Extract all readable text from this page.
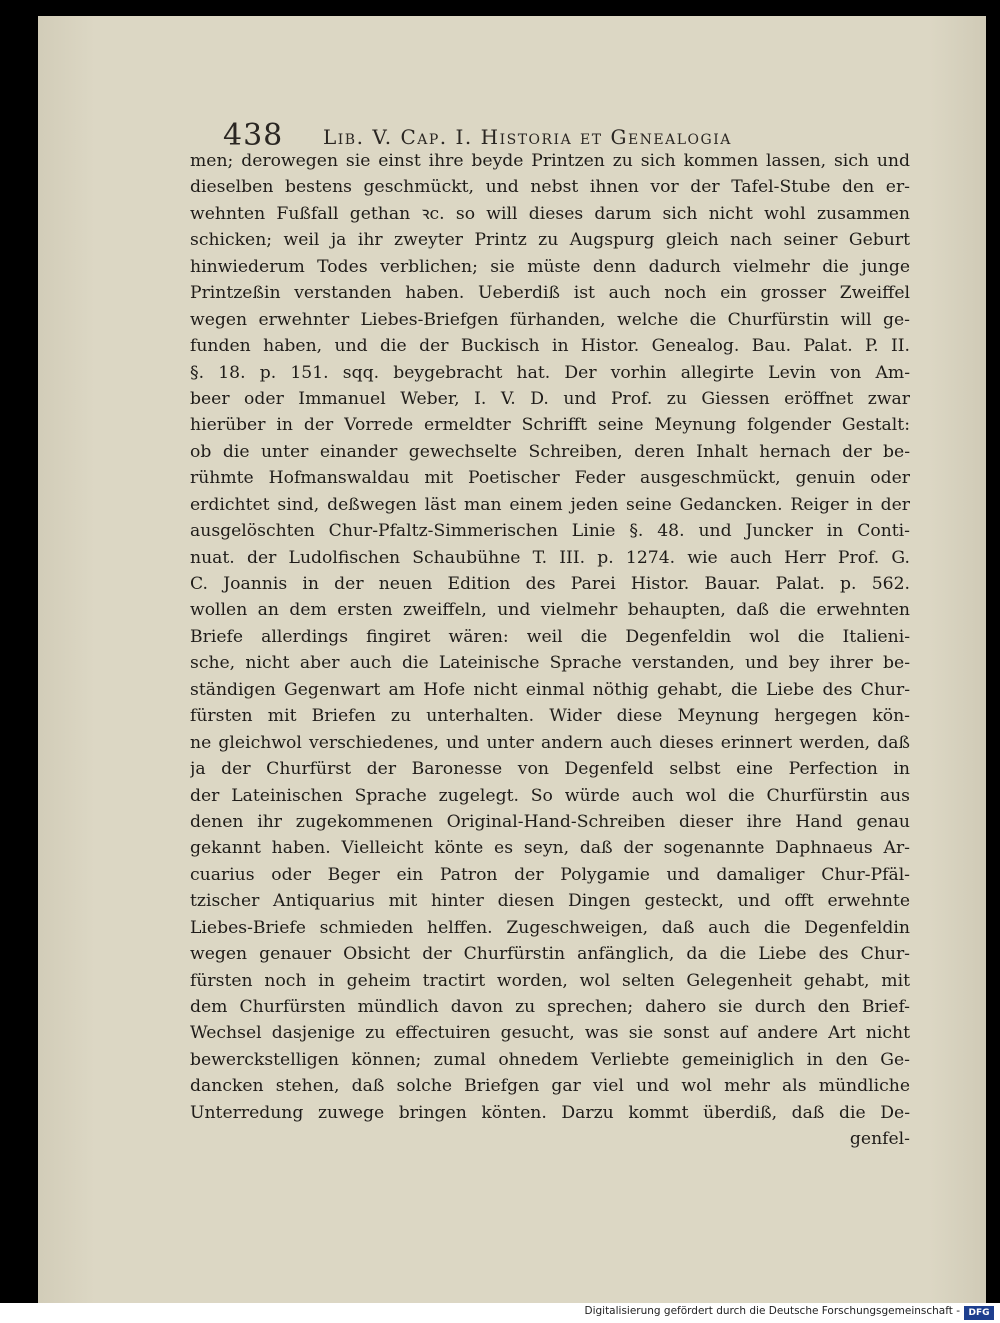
438 Lib. V. Cap. I. Historia et Genealogia
men; derowegen sie einst ihre beyde Printzen zu sich kommen lassen, sich und
dieselben bestens geschmückt, und nebst ihnen vor der Tafel-Stube den er-
wehnten Fußfall gethan ꝛc. so will dieses darum sich nicht wohl zusammen
schicken; weil ja ihr zweyter Printz zu Augspurg gleich nach seiner Geburt
hinwiederum Todes verblichen; sie müste denn dadurch vielmehr die junge
Printzeßin verstanden haben. Ueberdiß ist auch noch ein grosser Zweiffel
wegen erwehnter Liebes-Briefgen fürhanden, welche die Churfürstin will ge-
funden haben, und die der Buckisch in Histor. Genealog. Bau. Palat. P. II.
§. 18. p. 151. sqq. beygebracht hat. Der vorhin allegirte Levin von Am-
beer oder Immanuel Weber, I. V. D. und Prof. zu Giessen eröffnet zwar
hierüber in der Vorrede ermeldter Schrifft seine Meynung folgender Gestalt:
ob die unter einander gewechselte Schreiben, deren Inhalt hernach der be-
rühmte Hofmanswaldau mit Poetischer Feder ausgeschmückt, genuin oder
erdichtet sind, deßwegen läst man einem jeden seine Gedancken. Reiger in der
ausgelöschten Chur-Pfaltz-Simmerischen Linie §. 48. und Juncker in Conti-
nuat. der Ludolfischen Schaubühne T. III. p. 1274. wie auch Herr Prof. G.
C. Joannis in der neuen Edition des Parei Histor. Bauar. Palat. p. 562.
wollen an dem ersten zweiffeln, und vielmehr behaupten, daß die erwehnten
Briefe allerdings fingiret wären: weil die Degenfeldin wol die Italieni-
sche, nicht aber auch die Lateinische Sprache verstanden, und bey ihrer be-
ständigen Gegenwart am Hofe nicht einmal nöthig gehabt, die Liebe des Chur-
fürsten mit Briefen zu unterhalten. Wider diese Meynung hergegen kön-
ne gleichwol verschiedenes, und unter andern auch dieses erinnert werden, daß
ja der Churfürst der Baronesse von Degenfeld selbst eine Perfection in
der Lateinischen Sprache zugelegt. So würde auch wol die Churfürstin aus
denen ihr zugekommenen Original-Hand-Schreiben dieser ihre Hand genau
gekannt haben. Vielleicht könte es seyn, daß der sogenannte Daphnaeus Ar-
cuarius oder Beger ein Patron der Polygamie und damaliger Chur-Pfäl-
tzischer Antiquarius mit hinter diesen Dingen gesteckt, und offt erwehnte
Liebes-Briefe schmieden helffen. Zugeschweigen, daß auch die Degenfeldin
wegen genauer Obsicht der Churfürstin anfänglich, da die Liebe des Chur-
fürsten noch in geheim tractirt worden, wol selten Gelegenheit gehabt, mit
dem Churfürsten mündlich davon zu sprechen; dahero sie durch den Brief-
Wechsel dasjenige zu effectuiren gesucht, was sie sonst auf andere Art nicht
bewerckstelligen können; zumal ohnedem Verliebte gemeiniglich in den Ge-
dancken stehen, daß solche Briefgen gar viel und wol mehr als mündliche
Unterredung zuwege bringen könten. Darzu kommt überdiß, daß die De-
genfel-
Digitalisierung gefördert durch die Deutsche Forschungsgemeinschaft - DFG
